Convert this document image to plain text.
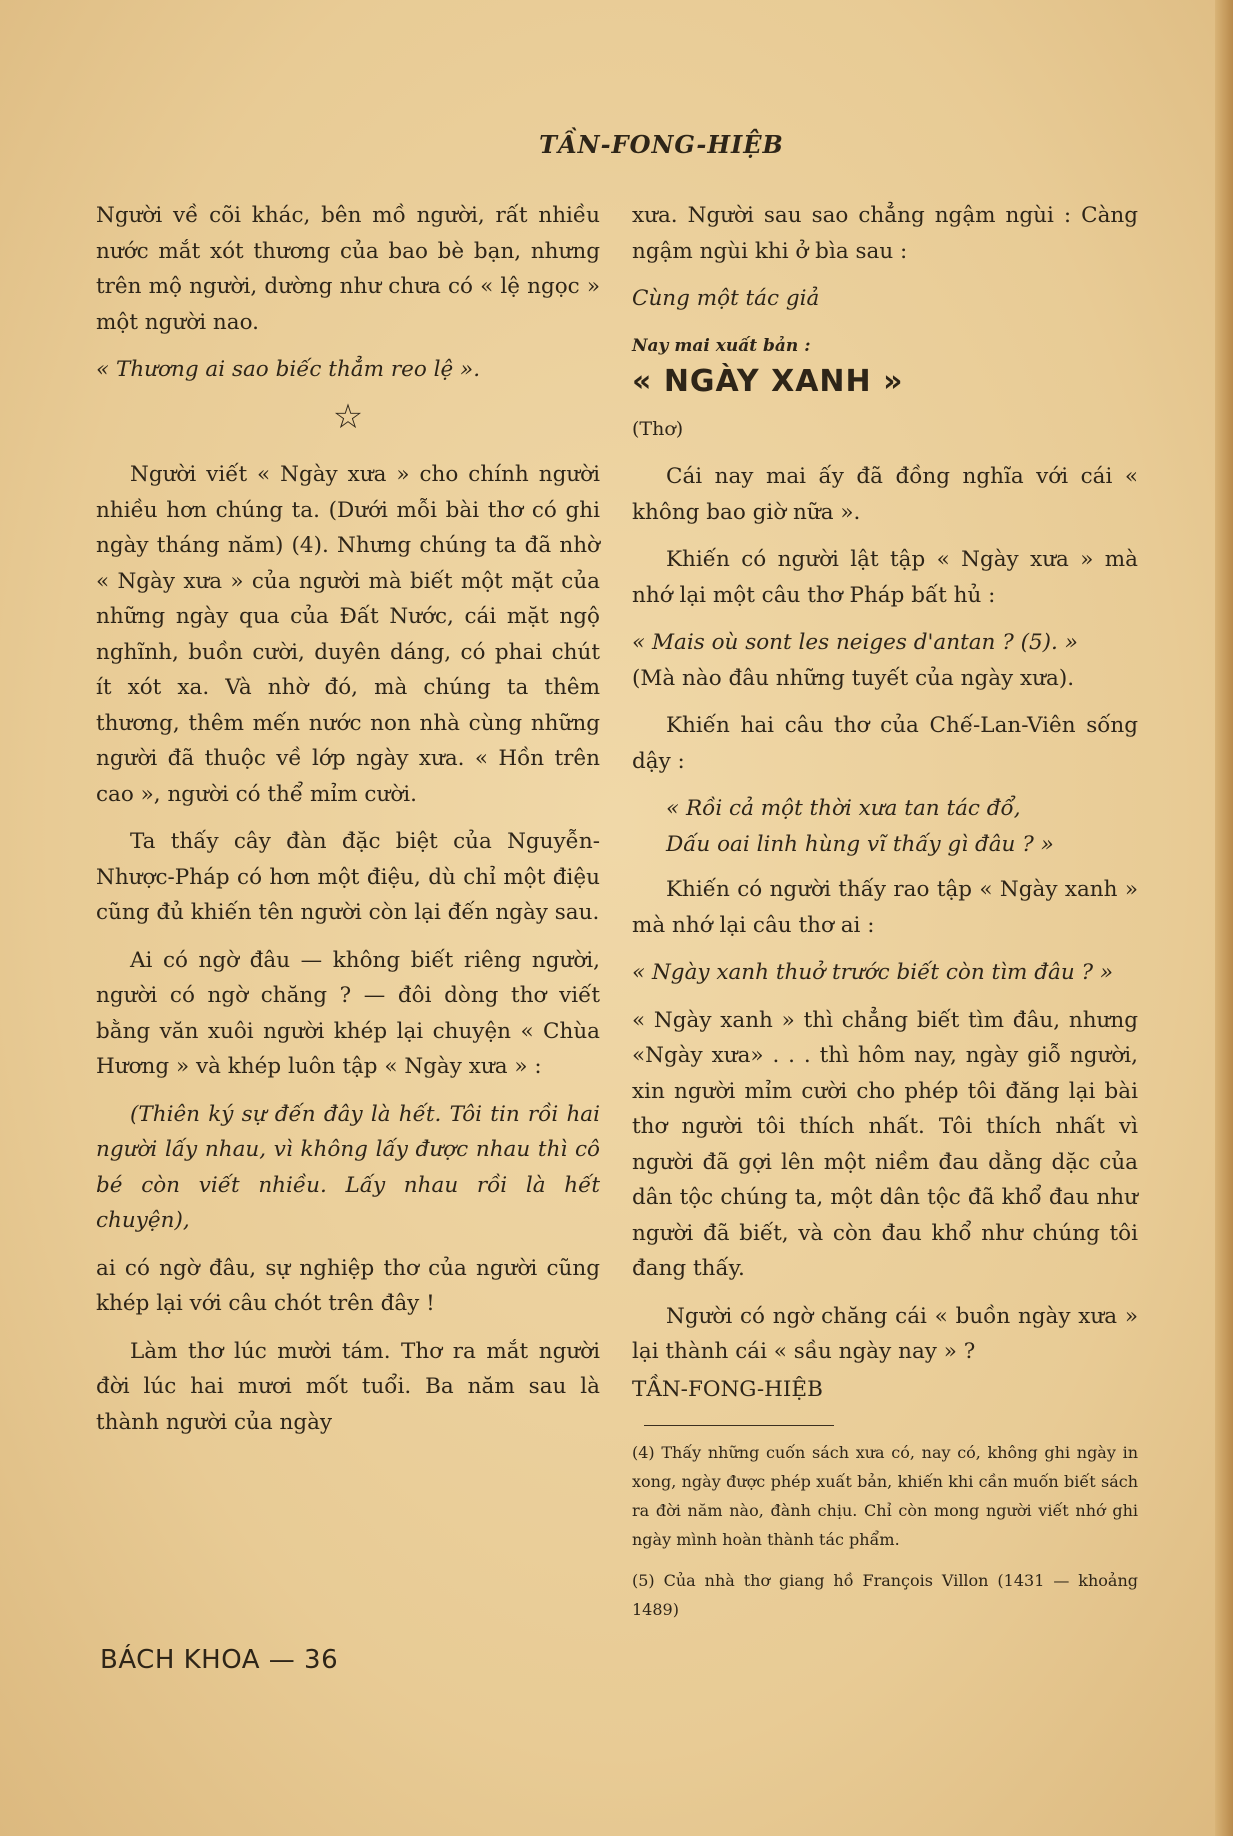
TẦN-FONG-HIỆB

Người về cõi khác, bên mồ người, rất nhiều nước mắt xót thương của bao bè bạn, nhưng trên mộ người, dường như chưa có « lệ ngọc » một người nao.

« Thương ai sao biếc thẳm reo lệ ».

☆

Người viết « Ngày xưa » cho chính người nhiều hơn chúng ta. (Dưới mỗi bài thơ có ghi ngày tháng năm) (4). Nhưng chúng ta đã nhờ « Ngày xưa » của người mà biết một mặt của những ngày qua của Đất Nước, cái mặt ngộ nghĩnh, buồn cười, duyên dáng, có phai chút ít xót xa. Và nhờ đó, mà chúng ta thêm thương, thêm mến nước non nhà cùng những người đã thuộc về lớp ngày xưa. « Hồn trên cao », người có thể mỉm cười.

Ta thấy cây đàn đặc biệt của Nguyễn-Nhược-Pháp có hơn một điệu, dù chỉ một điệu cũng đủ khiến tên người còn lại đến ngày sau.

Ai có ngờ đâu — không biết riêng người, người có ngờ chăng ? — đôi dòng thơ viết bằng văn xuôi người khép lại chuyện « Chùa Hương » và khép luôn tập « Ngày xưa » :

(Thiên ký sự đến đây là hết. Tôi tin rồi hai người lấy nhau, vì không lấy được nhau thì cô bé còn viết nhiều. Lấy nhau rồi là hết chuyện),

ai có ngờ đâu, sự nghiệp thơ của người cũng khép lại với câu chót trên đây !

Làm thơ lúc mười tám. Thơ ra mắt người đời lúc hai mươi mốt tuổi. Ba năm sau là thành người của ngày

xưa. Người sau sao chẳng ngậm ngùi : Càng ngậm ngùi khi ở bìa sau :

Cùng một tác giả

Nay mai xuất bản :

« NGÀY XANH »

(Thơ)

Cái nay mai ấy đã đồng nghĩa với cái « không bao giờ nữa ».

Khiến có người lật tập « Ngày xưa » mà nhớ lại một câu thơ Pháp bất hủ :

« Mais où sont les neiges d'antan ? (5). »

(Mà nào đâu những tuyết của ngày xưa).

Khiến hai câu thơ của Chế-Lan-Viên sống dậy :

« Rồi cả một thời xưa tan tác đổ,
Dấu oai linh hùng vĩ thấy gì đâu ? »

Khiến có người thấy rao tập « Ngày xanh » mà nhớ lại câu thơ ai :

« Ngày xanh thuở trước biết còn tìm đâu ? »

« Ngày xanh » thì chẳng biết tìm đâu, nhưng «Ngày xưa» . . . thì hôm nay, ngày giỗ người, xin người mỉm cười cho phép tôi đăng lại bài thơ người tôi thích nhất. Tôi thích nhất vì người đã gợi lên một niềm đau dằng dặc của dân tộc chúng ta, một dân tộc đã khổ đau như người đã biết, và còn đau khổ như chúng tôi đang thấy.

Người có ngờ chăng cái « buồn ngày xưa » lại thành cái « sầu ngày nay » ?

TẦN-FONG-HIỆB

(4) Thấy những cuốn sách xưa có, nay có, không ghi ngày in xong, ngày được phép xuất bản, khiến khi cần muốn biết sách ra đời năm nào, đành chịu. Chỉ còn mong người viết nhớ ghi ngày mình hoàn thành tác phẩm.

(5) Của nhà thơ giang hồ François Villon (1431 — khoảng 1489)

BÁCH KHOA — 36
